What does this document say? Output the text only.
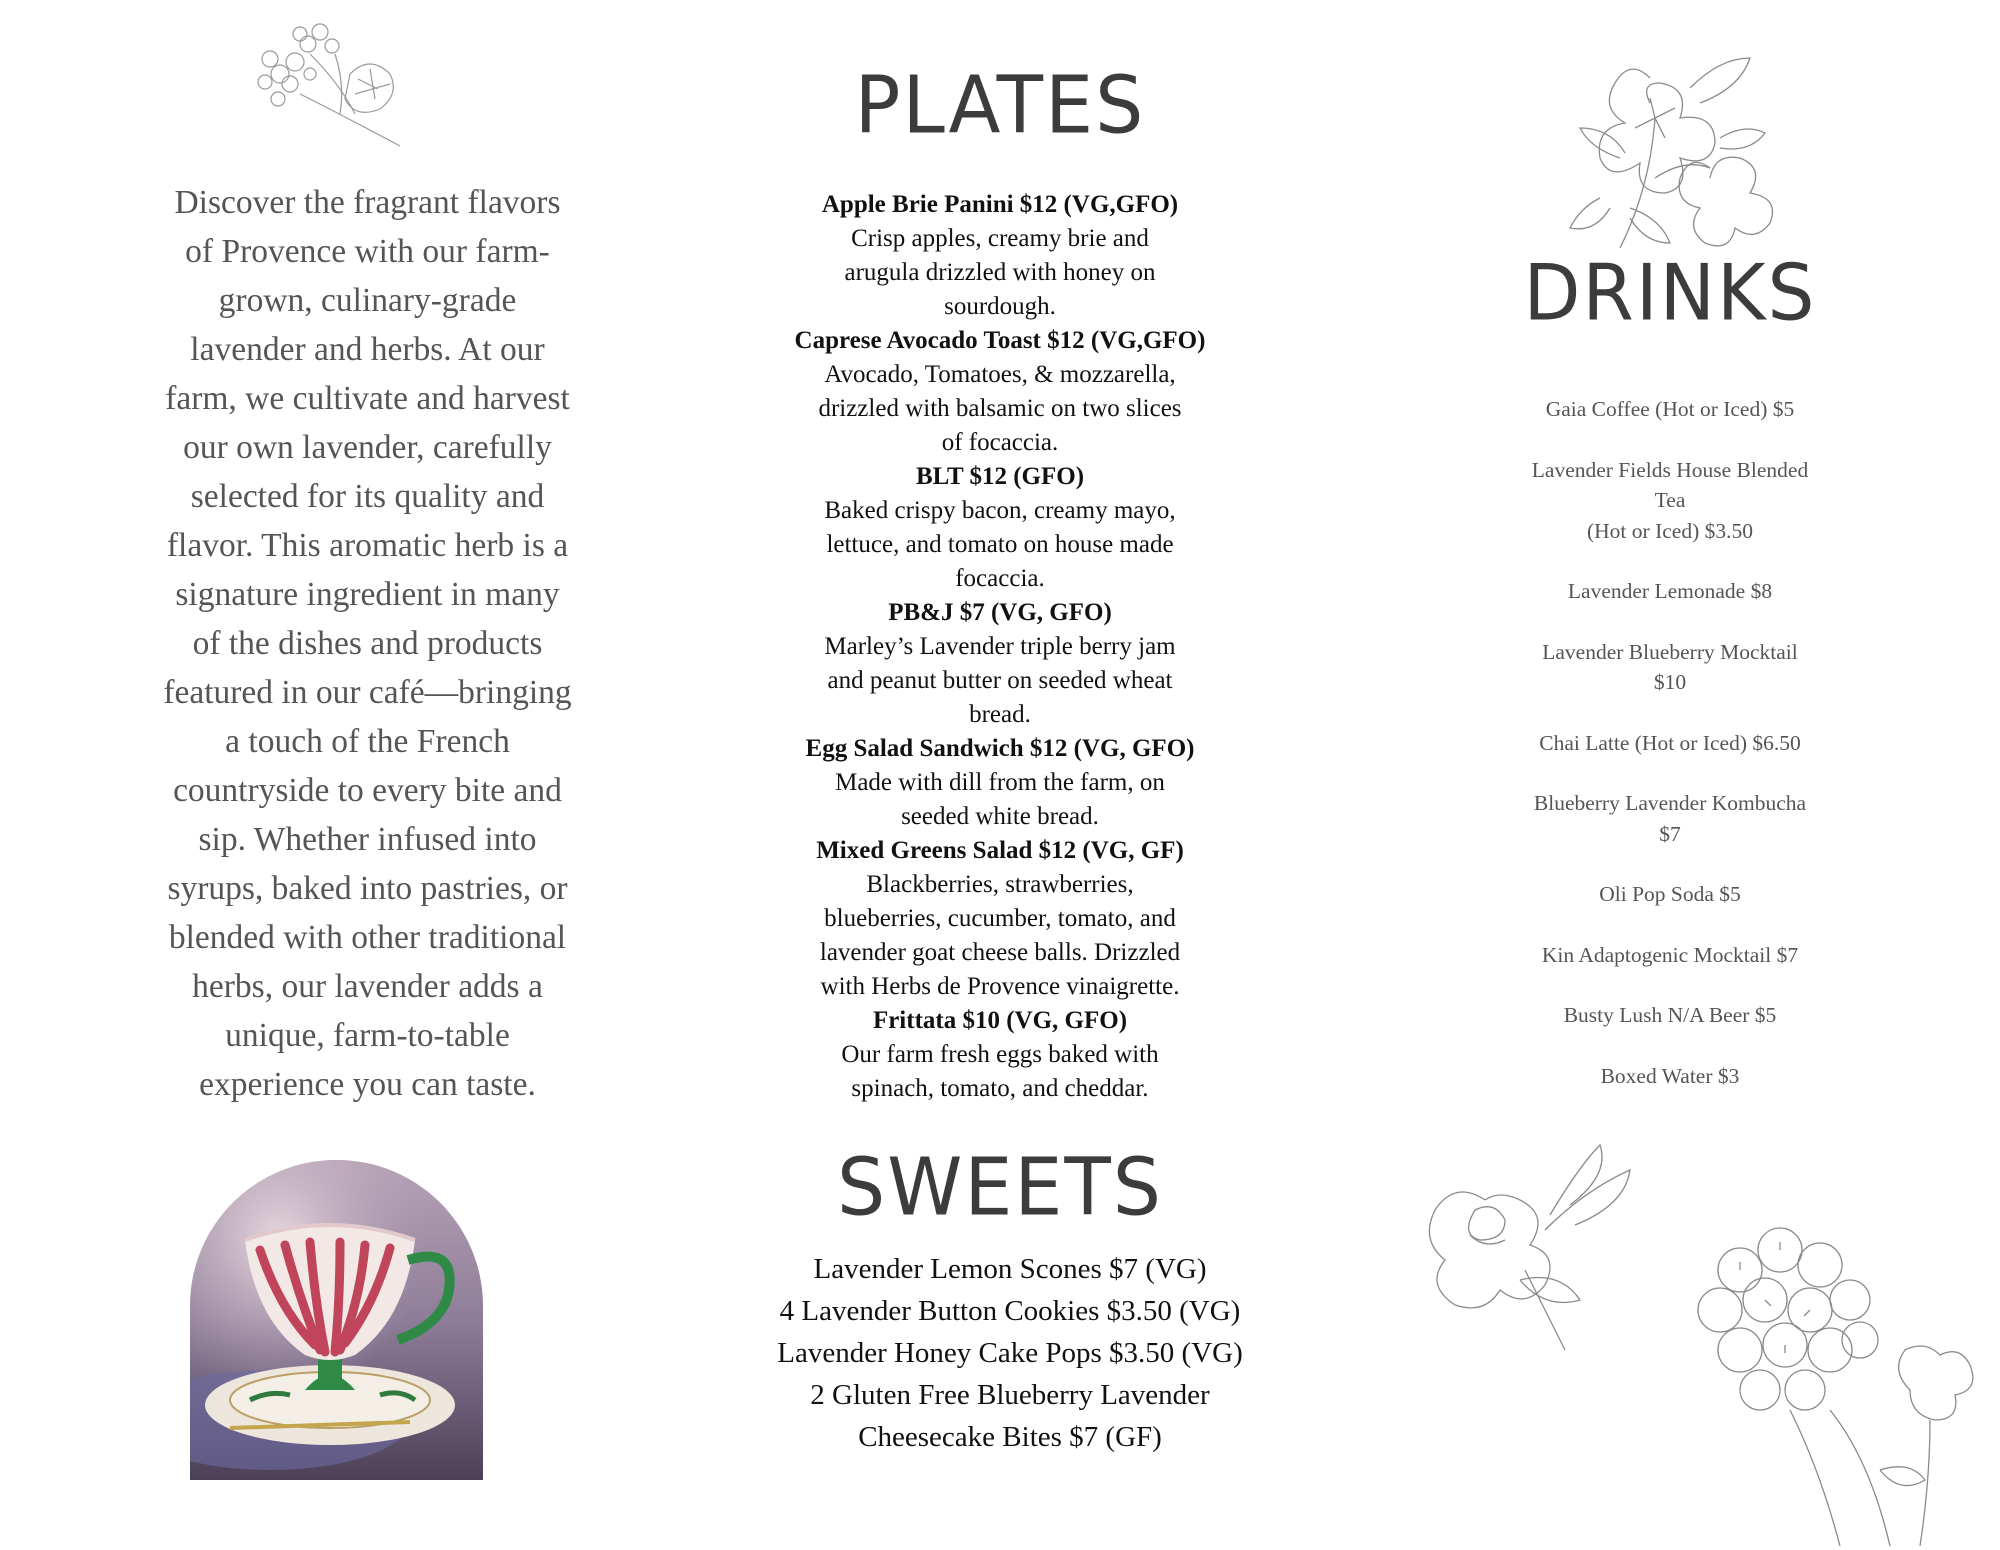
Discover the fragrant flavors
of Provence with our farm-
grown, culinary-grade
lavender and herbs. At our
farm, we cultivate and harvest
our own lavender, carefully
selected for its quality and
flavor. This aromatic herb is a
signature ingredient in many
of the dishes and products
featured in our café—bringing
a touch of the French
countryside to every bite and
sip. Whether infused into
syrups, baked into pastries, or
blended with other traditional
herbs, our lavender adds a
unique, farm-to-table
experience you can taste.
PLATES
Apple Brie Panini $12 (VG,GFO)
Crisp apples, creamy brie and
arugula drizzled with honey on
sourdough.
Caprese Avocado Toast $12 (VG,GFO)
Avocado, Tomatoes, & mozzarella,
drizzled with balsamic on two slices
of focaccia.
BLT $12 (GFO)
Baked crispy bacon, creamy mayo,
lettuce, and tomato on house made
focaccia.
PB&J $7 (VG, GFO)
Marley’s Lavender triple berry jam
and peanut butter on seeded wheat
bread.
Egg Salad Sandwich $12 (VG, GFO)
Made with dill from the farm, on
seeded white bread.
Mixed Greens Salad $12 (VG, GF)
Blackberries, strawberries,
blueberries, cucumber, tomato, and
lavender goat cheese balls. Drizzled
with Herbs de Provence vinaigrette.
Frittata $10 (VG, GFO)
Our farm fresh eggs baked with
spinach, tomato, and cheddar.
SWEETS
Lavender Lemon Scones $7 (VG)
4 Lavender Button Cookies $3.50 (VG)
Lavender Honey Cake Pops $3.50 (VG)
2 Gluten Free Blueberry Lavender
Cheesecake Bites $7 (GF)
DRINKS
Gaia Coffee (Hot or Iced) $5
Lavender Fields House Blended
Tea
(Hot or Iced) $3.50
Lavender Lemonade $8
Lavender Blueberry Mocktail
$10
Chai Latte (Hot or Iced) $6.50
Blueberry Lavender Kombucha
$7
Oli Pop Soda $5
Kin Adaptogenic Mocktail $7
Busty Lush N/A Beer $5
Boxed Water $3
